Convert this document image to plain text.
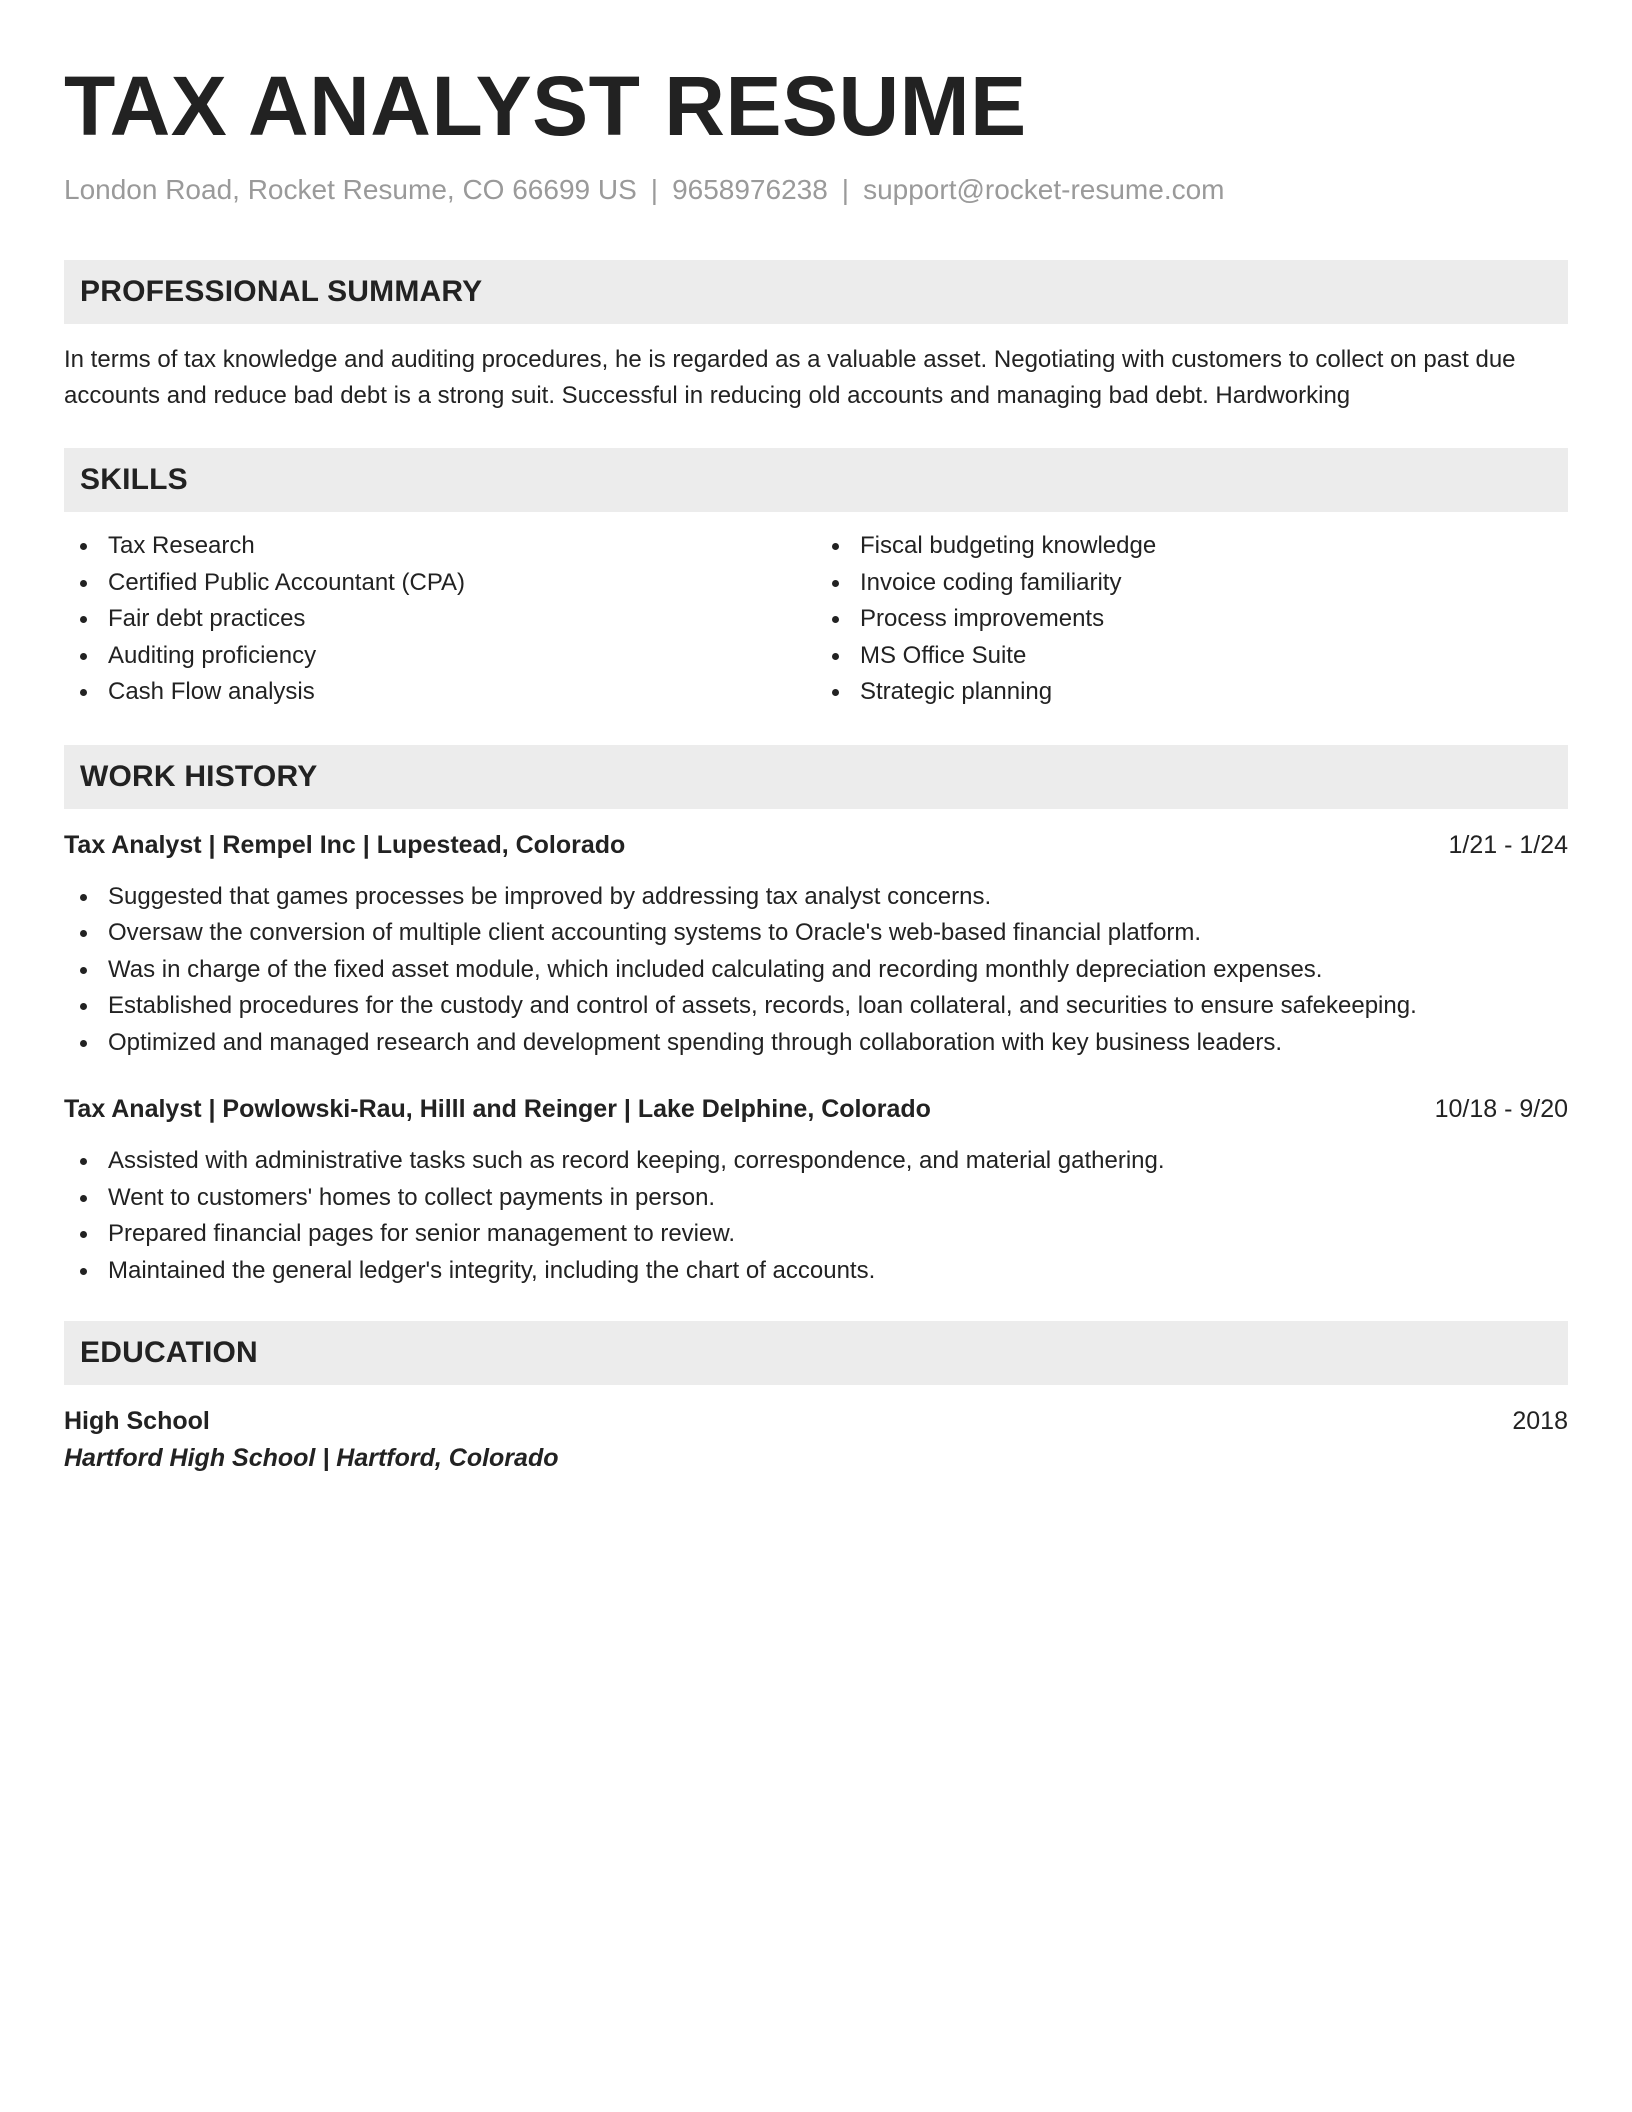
TAX ANALYST RESUME
London Road, Rocket Resume, CO 66699 US | 9658976238 | support@rocket-resume.com
PROFESSIONAL SUMMARY

In terms of tax knowledge and auditing procedures, he is regarded as a valuable asset. Negotiating with customers to collect on past due accounts and reduce bad debt is a strong suit. Successful in reducing old accounts and managing bad debt. Hardworking

SKILLS
Tax Research
Certified Public Accountant (CPA)
Fair debt practices
Auditing proficiency
Cash Flow analysis
Fiscal budgeting knowledge
Invoice coding familiarity
Process improvements
MS Office Suite
Strategic planning
WORK HISTORY
Tax Analyst | Rempel Inc | Lupestead, Colorado	1/21 - 1/24
Suggested that games processes be improved by addressing tax analyst concerns.
Oversaw the conversion of multiple client accounting systems to Oracle's web-based financial platform.
Was in charge of the fixed asset module, which included calculating and recording monthly depreciation expenses.
Established procedures for the custody and control of assets, records, loan collateral, and securities to ensure safekeeping.
Optimized and managed research and development spending through collaboration with key business leaders.
Tax Analyst | Powlowski-Rau, Hilll and Reinger | Lake Delphine, Colorado	10/18 - 9/20
Assisted with administrative tasks such as record keeping, correspondence, and material gathering.
Went to customers' homes to collect payments in person.
Prepared financial pages for senior management to review.
Maintained the general ledger's integrity, including the chart of accounts.
EDUCATION
High School	2018
Hartford High School | Hartford, Colorado
